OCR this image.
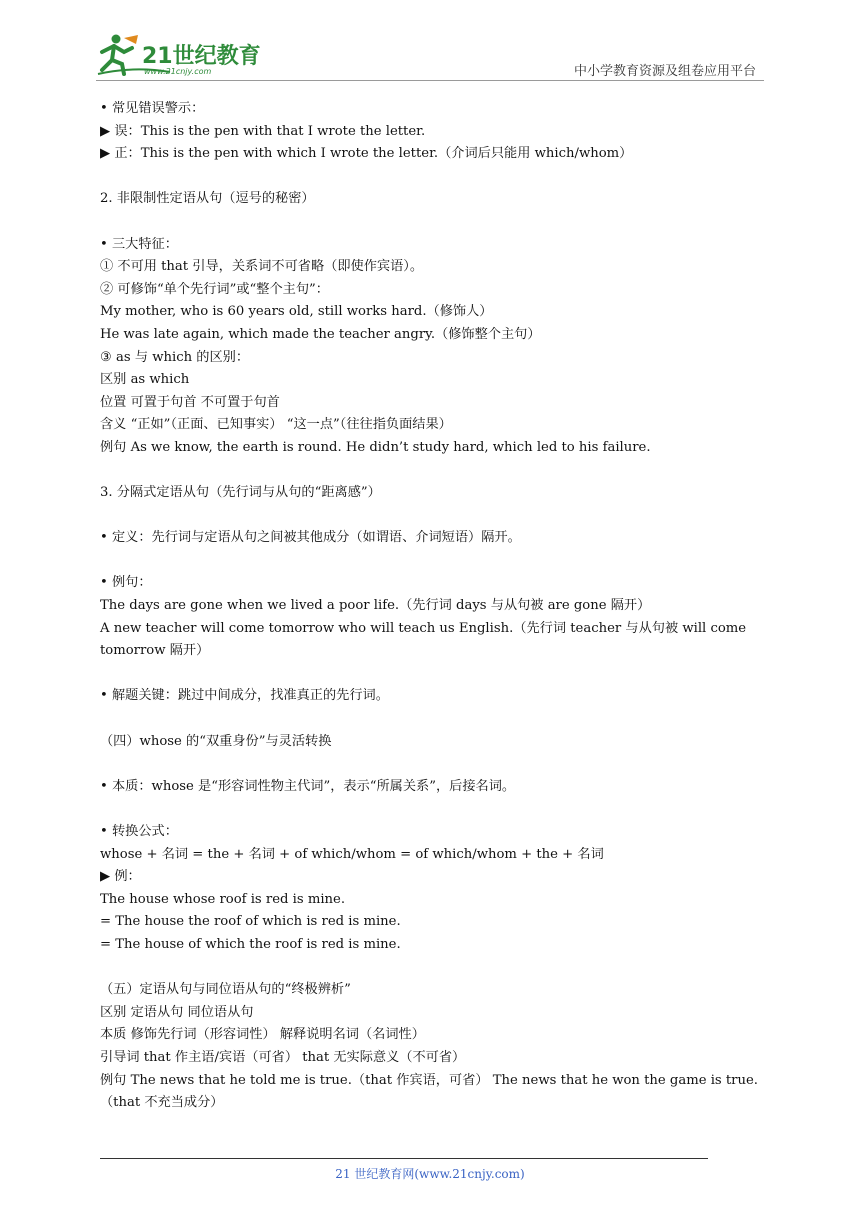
21世纪教育
www.21cnjy.com	中小学教育资源及组卷应用平台
• 常见错误警示：
▶ 误：This is the pen with that I wrote the letter.
▶ 正：This is the pen with which I wrote the letter.（介词后只能用 which/whom）
2. 非限制性定语从句（逗号的秘密）
• 三大特征：
① 不可用 that 引导，关系词不可省略（即使作宾语）。
② 可修饰“单个先行词”或“整个主句”：
My mother, who is 60 years old, still works hard.（修饰人）
He was late again, which made the teacher angry.（修饰整个主句）
③ as 与 which 的区别：
区别 as which
位置 可置于句首 不可置于句首
含义 “正如”（正面、已知事实） “这一点”（往往指负面结果）
例句 As we know, the earth is round. He didn’t study hard, which led to his failure.
3. 分隔式定语从句（先行词与从句的“距离感”）
• 定义：先行词与定语从句之间被其他成分（如谓语、介词短语）隔开。
• 例句：
The days are gone when we lived a poor life.（先行词 days 与从句被 are gone 隔开）
A new teacher will come tomorrow who will teach us English.（先行词 teacher 与从句被 will come tomorrow 隔开）
• 解题关键：跳过中间成分，找准真正的先行词。
（四）whose 的“双重身份”与灵活转换
• 本质：whose 是“形容词性物主代词”，表示“所属关系”，后接名词。
• 转换公式：
whose + 名词 = the + 名词 + of which/whom = of which/whom + the + 名词
▶ 例：
The house whose roof is red is mine.
= The house the roof of which is red is mine.
= The house of which the roof is red is mine.
（五）定语从句与同位语从句的“终极辨析”
区别 定语从句 同位语从句
本质 修饰先行词（形容词性） 解释说明名词（名词性）
引导词 that 作主语/宾语（可省） that 无实际意义（不可省）
例句 The news that he told me is true.（that 作宾语，可省） The news that he won the game is true.（that 不充当成分）
21 世纪教育网(www.21cnjy.com)
